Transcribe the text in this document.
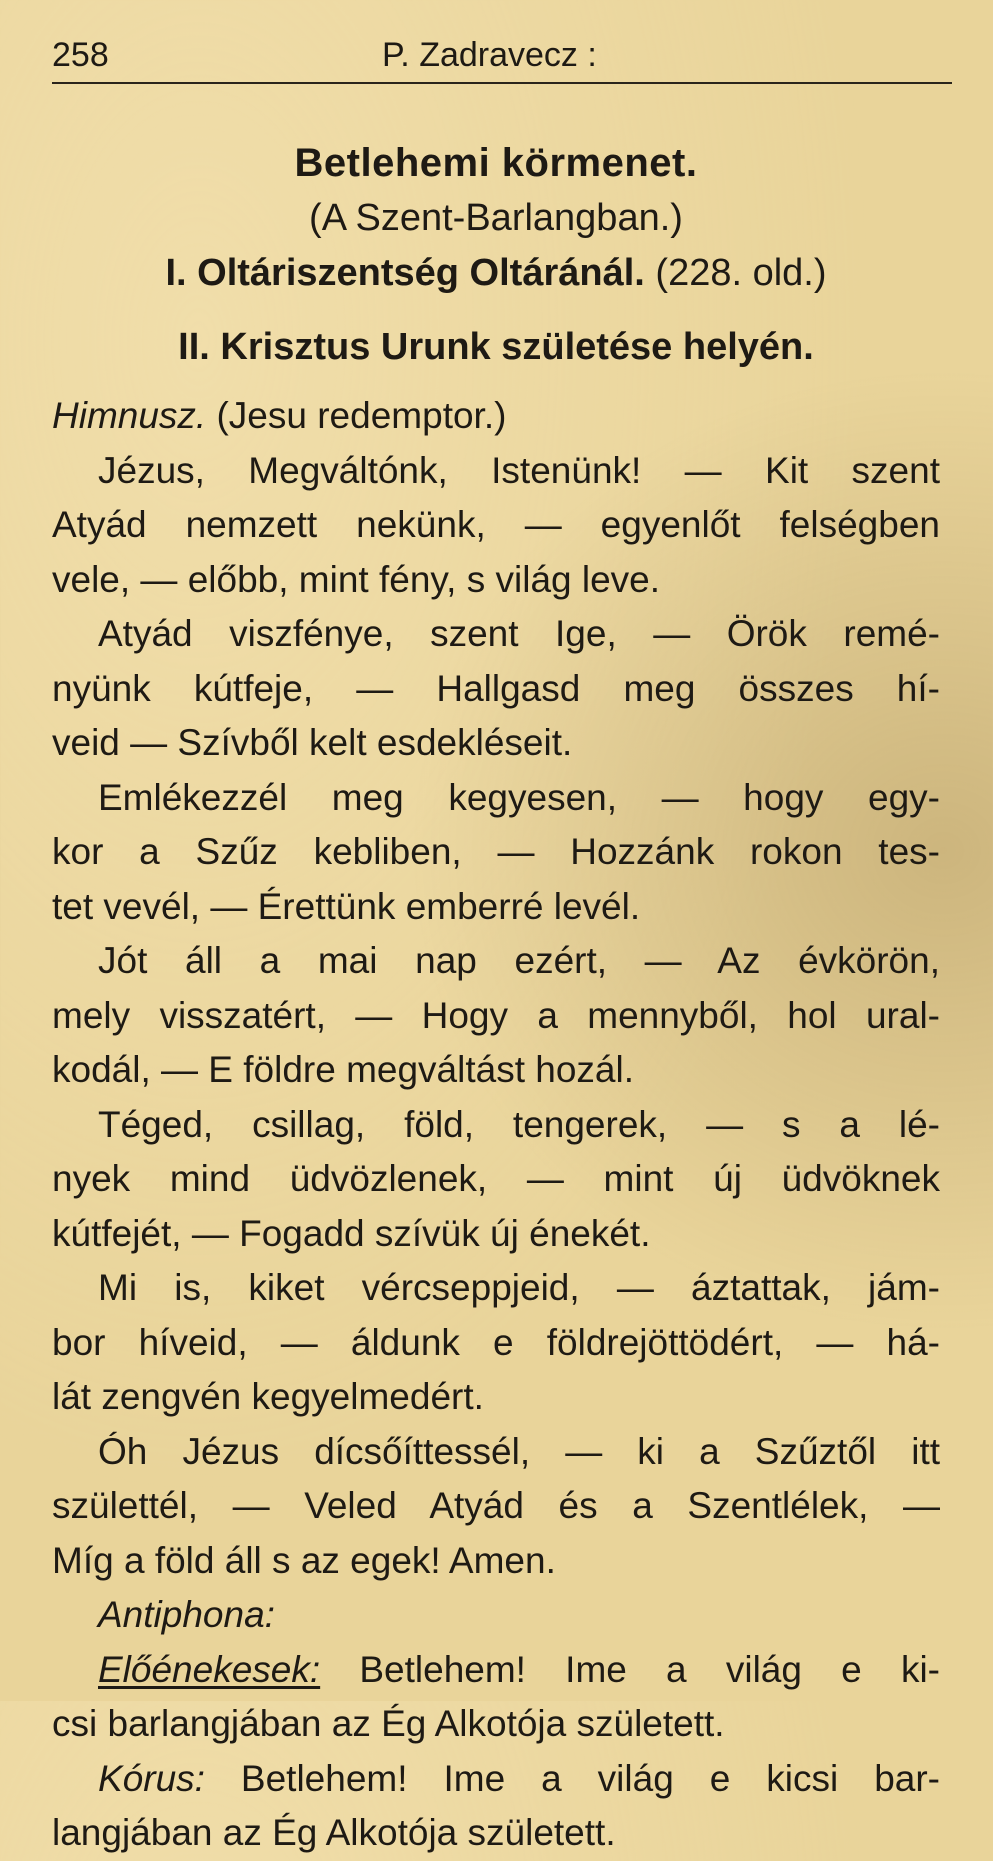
258	P. Zadravecz :
Betlehemi körmenet.
(A Szent-Barlangban.)
I. Oltáriszentség Oltáránál. (228. old.)
II. Krisztus Urunk születése helyén.
Himnusz. (Jesu redemptor.)
Jézus, Megváltónk, Istenünk! — Kit szent
Atyád nemzett nekünk, — egyenlőt felségben
vele, — előbb, mint fény, s világ leve.
Atyád viszfénye, szent Ige, — Örök remé-
nyünk kútfeje, — Hallgasd meg összes hí-
veid — Szívből kelt esdekléseit.
Emlékezzél meg kegyesen, — hogy egy-
kor a Szűz kebliben, — Hozzánk rokon tes-
tet vevél, — Érettünk emberré levél.
Jót áll a mai nap ezért, — Az évkörön,
mely visszatért, — Hogy a mennyből, hol ural-
kodál, — E földre megváltást hozál.
Téged, csillag, föld, tengerek, — s a lé-
nyek mind üdvözlenek, — mint új üdvöknek
kútfejét, — Fogadd szívük új énekét.
Mi is, kiket vércseppjeid, — áztattak, jám-
bor híveid, — áldunk e földrejöttödért, — há-
lát zengvén kegyelmedért.
Óh Jézus dícsőíttessél, — ki a Szűztől itt
születtél, — Veled Atyád és a Szentlélek, —
Míg a föld áll s az egek! Amen.
Antiphona:
Előénekesek: Betlehem! Ime a világ e ki-
csi barlangjában az Ég Alkotója született.
Kórus: Betlehem! Ime a világ e kicsi bar-
langjában az Ég Alkotója született.
